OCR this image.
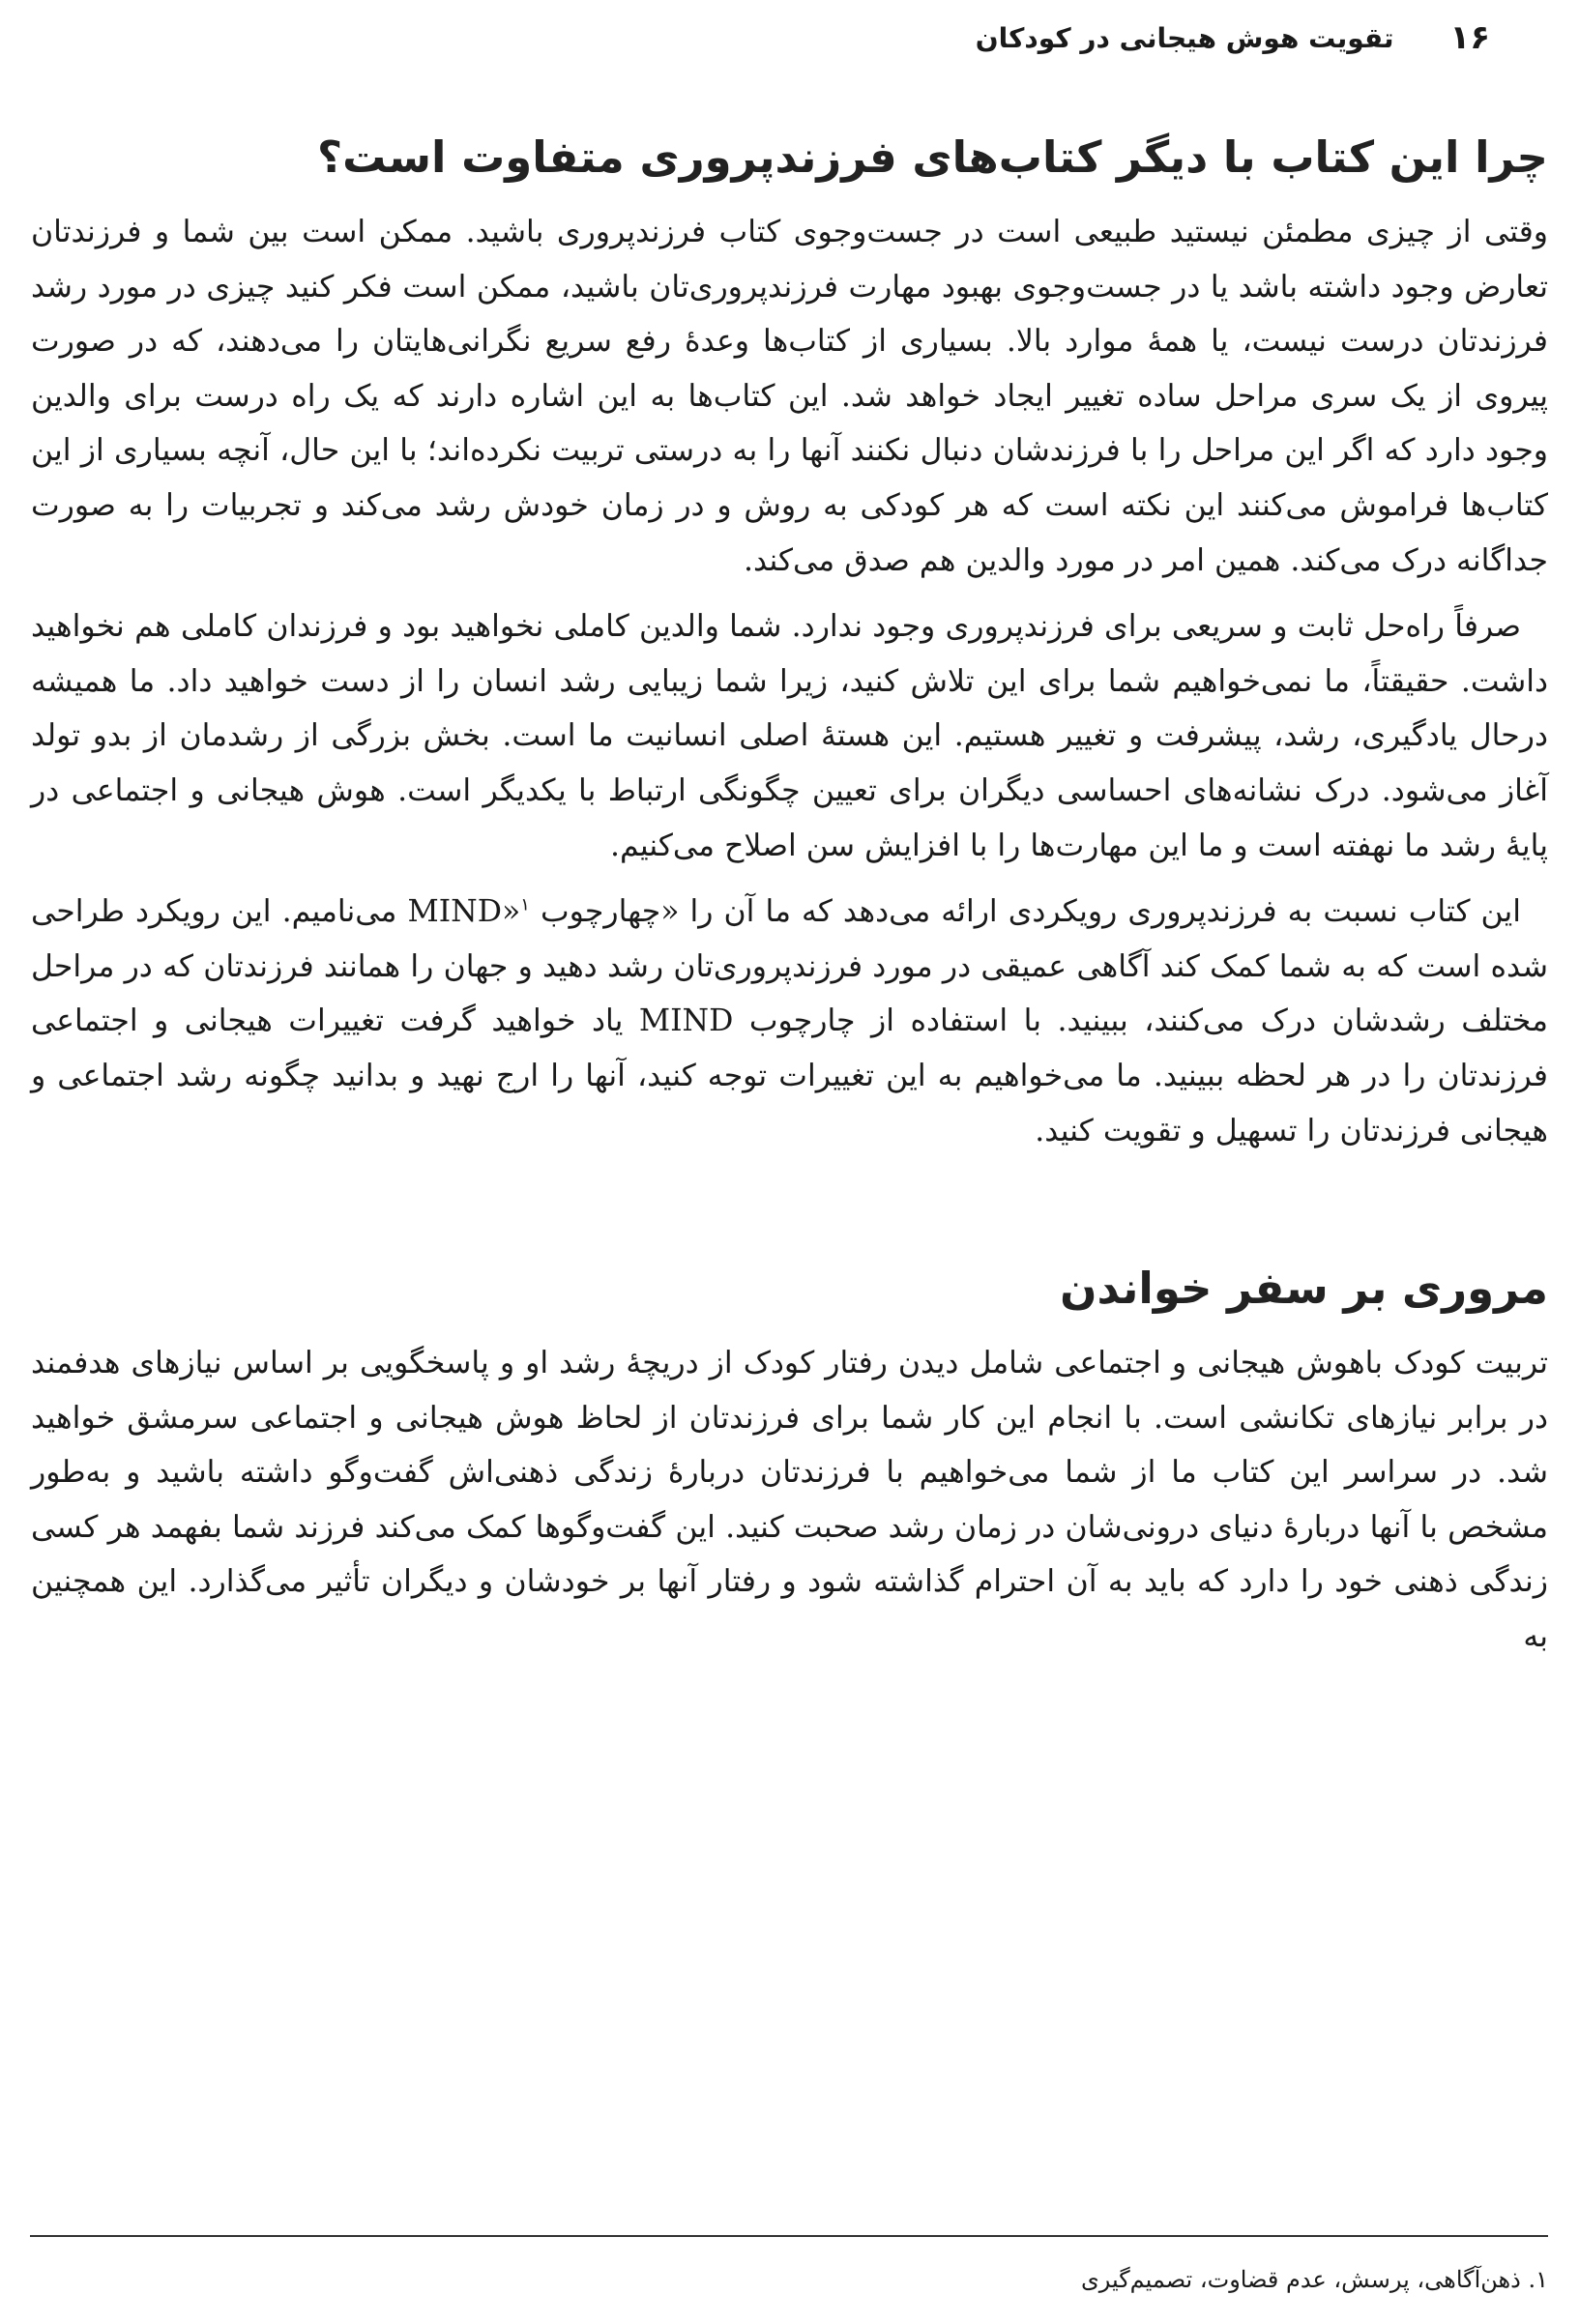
۱۶
تقویت هوش هیجانی در کودکان
چرا این کتاب با دیگر کتاب‌های فرزندپروری متفاوت است؟

وقتی از چیزی مطمئن نیستید طبیعی است در جست‌وجوی کتاب فرزندپروری باشید. ممکن است بین شما و فرزندتان تعارض وجود داشته باشد یا در جست‌وجوی بهبود مهارت فرزندپروری‌تان باشید، ممکن است فکر کنید چیزی در مورد رشد فرزندتان درست نیست، یا همهٔ موارد بالا. بسیاری از کتاب‌ها وعدهٔ رفع سریع نگرانی‌هایتان را می‌دهند، که در صورت پیروی از یک سری مراحل ساده تغییر ایجاد خواهد شد. این کتاب‌ها به این اشاره دارند که یک راه درست برای والدین وجود دارد که اگر این مراحل را با فرزندشان دنبال نکنند آنها را به درستی تربیت نکرده‌اند؛ با این حال، آنچه بسیاری از این کتاب‌ها فراموش می‌کنند این نکته است که هر کودکی به روش و در زمان خودش رشد می‌کند و تجربیات را به صورت جداگانه درک می‌کند. همین امر در مورد والدین هم صدق می‌کند.

صرفاً راه‌حل ثابت و سریعی برای فرزندپروری وجود ندارد. شما والدین کاملی نخواهید بود و فرزندان کاملی هم نخواهید داشت. حقیقتاً، ما نمی‌خواهیم شما برای این تلاش کنید، زیرا شما زیبایی رشد انسان را از دست خواهید داد. ما همیشه درحال یادگیری، رشد، پیشرفت و تغییر هستیم. این هستهٔ اصلی انسانیت ما است. بخش بزرگی از رشدمان از بدو تولد آغاز می‌شود. درک نشانه‌های احساسی دیگران برای تعیین چگونگی ارتباط با یکدیگر است. هوش هیجانی و اجتماعی در پایهٔ رشد ما نهفته است و ما این مهارت‌ها را با افزایش سن اصلاح می‌کنیم.

این کتاب نسبت به فرزندپروری رویکردی ارائه می‌دهد که ما آن را «چهارچوب MIND»$^۱$ می‌نامیم. این رویکرد طراحی شده است که به شما کمک کند آگاهی عمیقی در مورد فرزندپروری‌تان رشد دهید و جهان را همانند فرزندتان که در مراحل مختلف رشدشان درک می‌کنند، ببینید. با استفاده از چارچوب MIND یاد خواهید گرفت تغییرات هیجانی و اجتماعی فرزندتان را در هر لحظه ببینید. ما می‌خواهیم به این تغییرات توجه کنید، آنها را ارج نهید و بدانید چگونه رشد اجتماعی و هیجانی فرزندتان را تسهیل و تقویت کنید.

مروری بر سفر خواندن

تربیت کودک باهوش هیجانی و اجتماعی شامل دیدن رفتار کودک از دریچهٔ رشد او و پاسخگویی بر اساس نیازهای هدفمند در برابر نیازهای تکانشی است. با انجام این کار شما برای فرزندتان از لحاظ هوش هیجانی و اجتماعی سرمشق خواهید شد. در سراسر این کتاب ما از شما می‌خواهیم با فرزندتان دربارهٔ زندگی ذهنی‌اش گفت‌وگو داشته باشید و به‌طور مشخص با آنها دربارهٔ دنیای درونی‌شان در زمان رشد صحبت کنید. این گفت‌وگوها کمک می‌کند فرزند شما بفهمد هر کسی زندگی ذهنی خود را دارد که باید به آن احترام گذاشته شود و رفتار آنها بر خودشان و دیگران تأثیر می‌گذارد. این همچنین به

۱. ذهن‌آگاهی، پرسش، عدم قضاوت، تصمیم‌گیری
